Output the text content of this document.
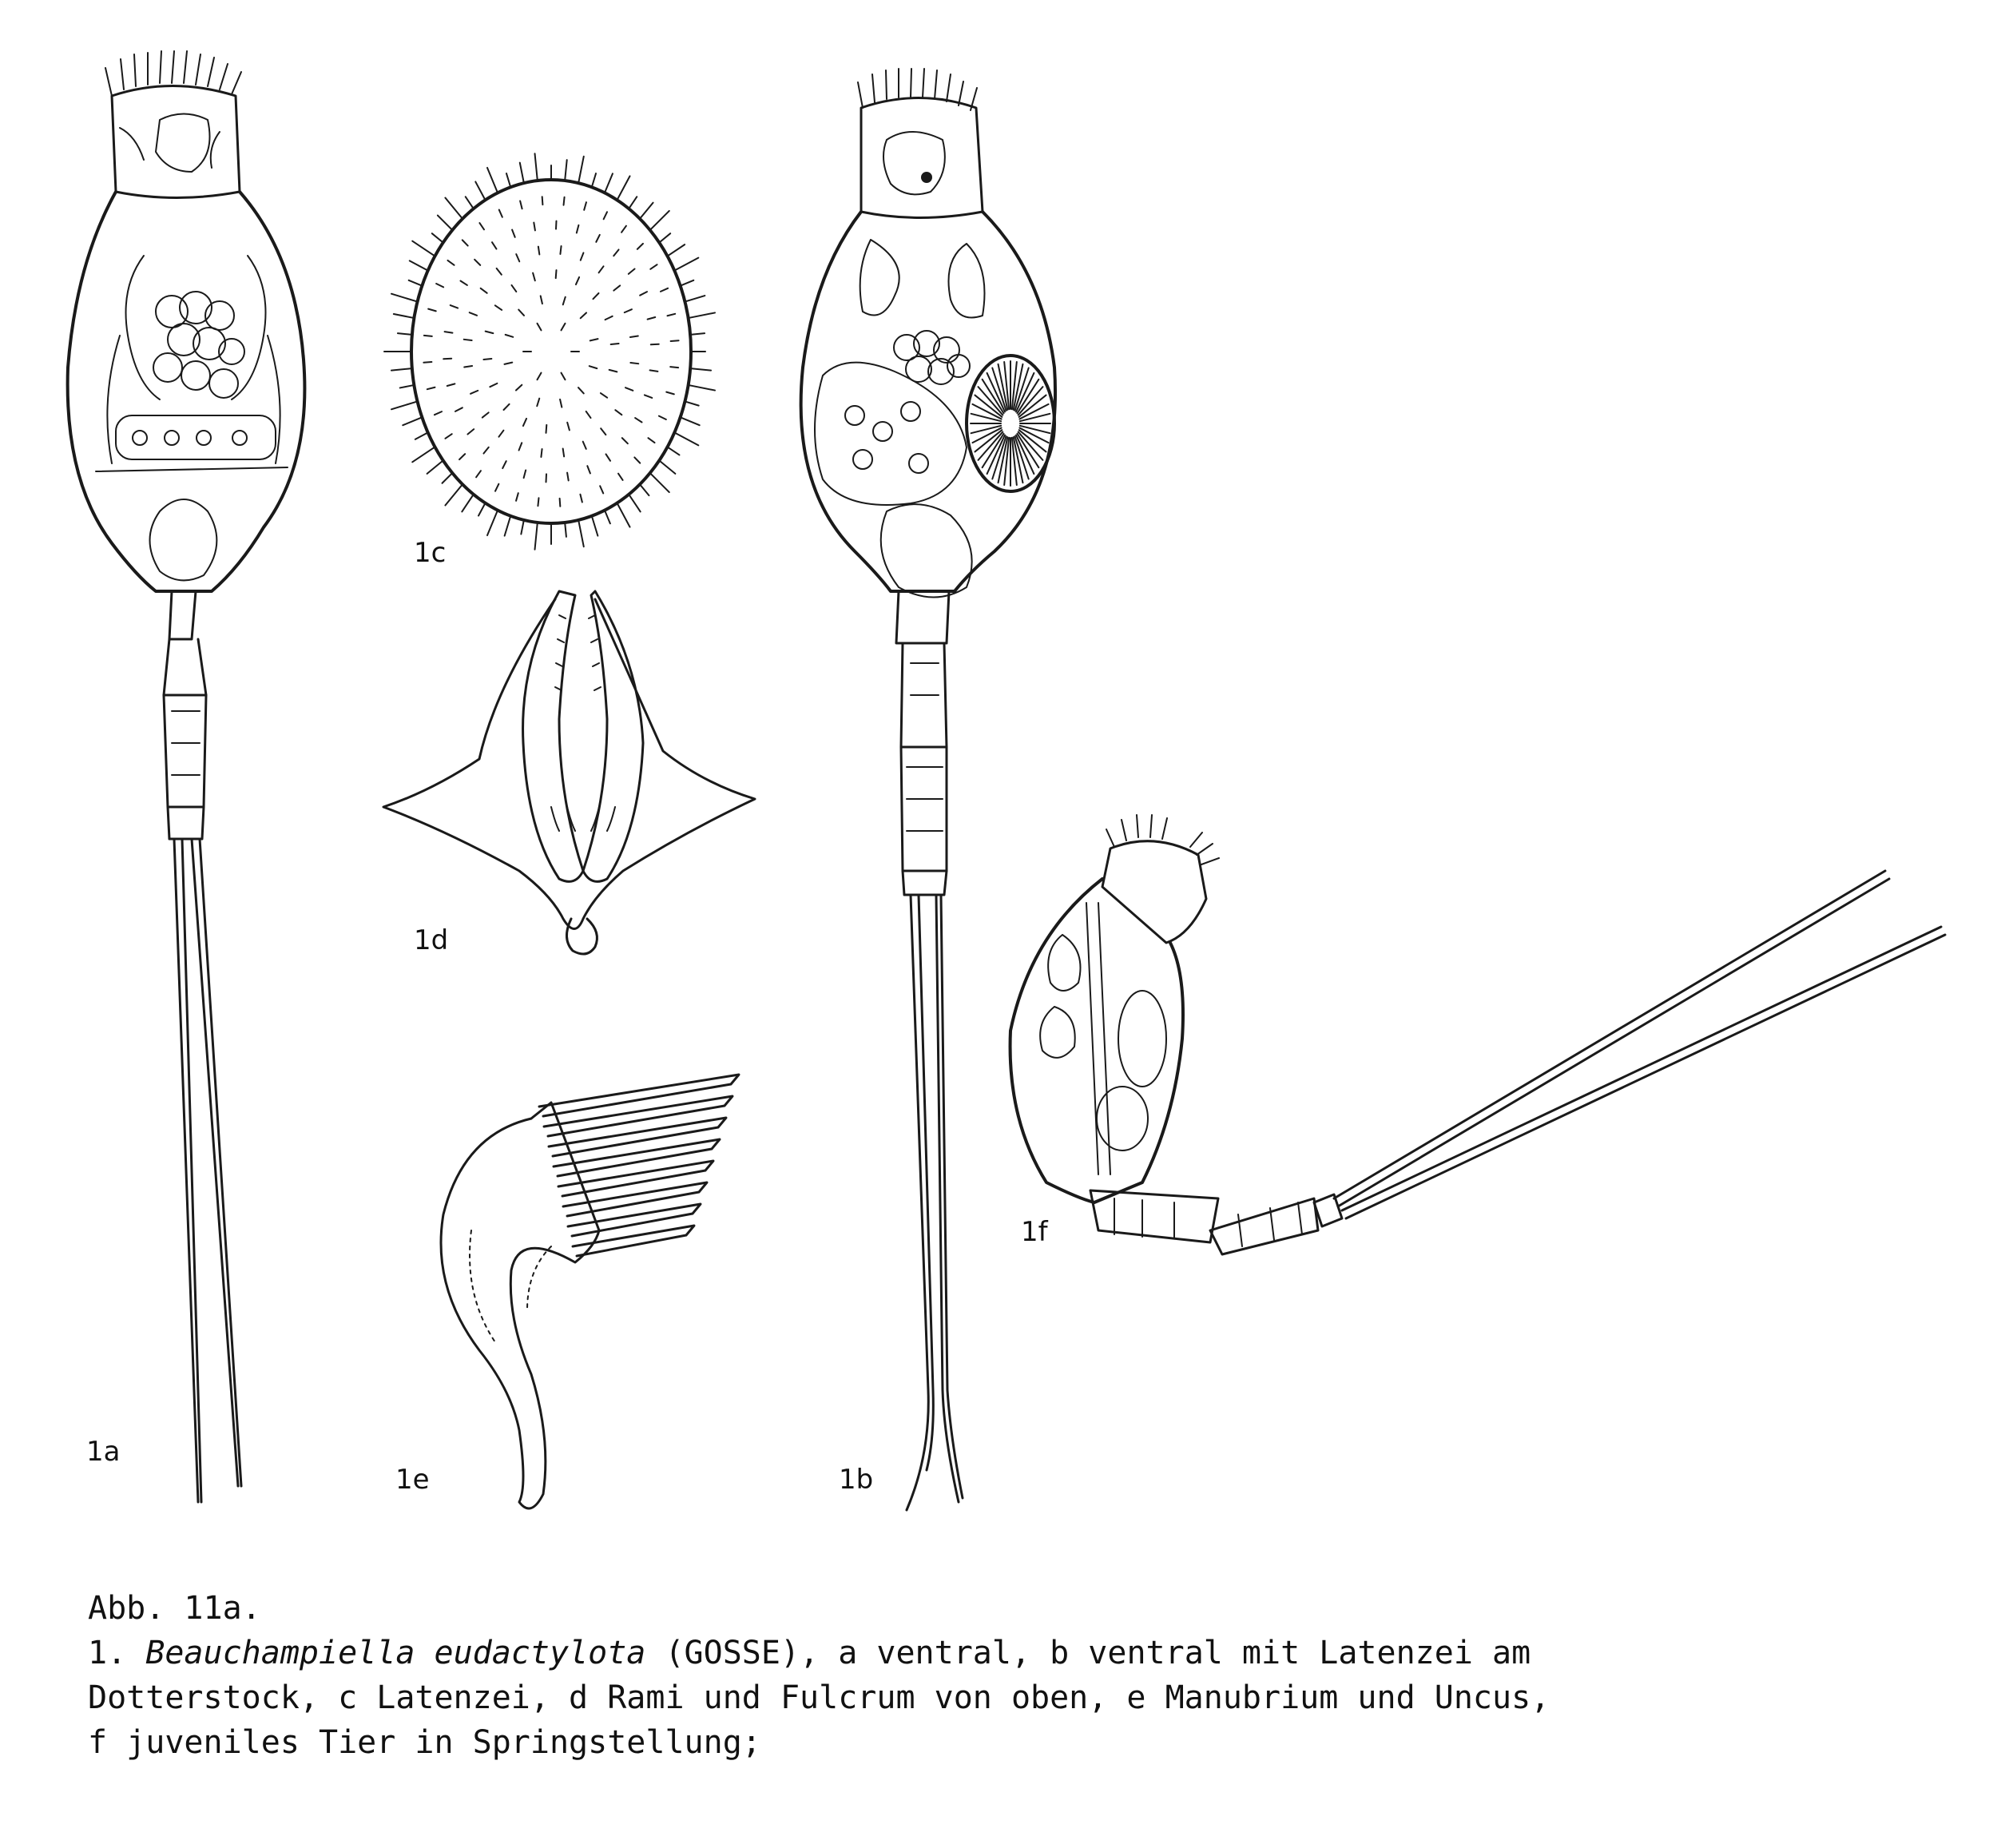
1a
1b
1c
1d
1e
1f
Abb. 11a.
1. Beauchampiella eudactylota (GOSSE), a ventral, b ventral mit Latenzei am
Dotterstock, c Latenzei, d Rami und Fulcrum von oben, e Manubrium und Uncus,
f juveniles Tier in Springstellung;
